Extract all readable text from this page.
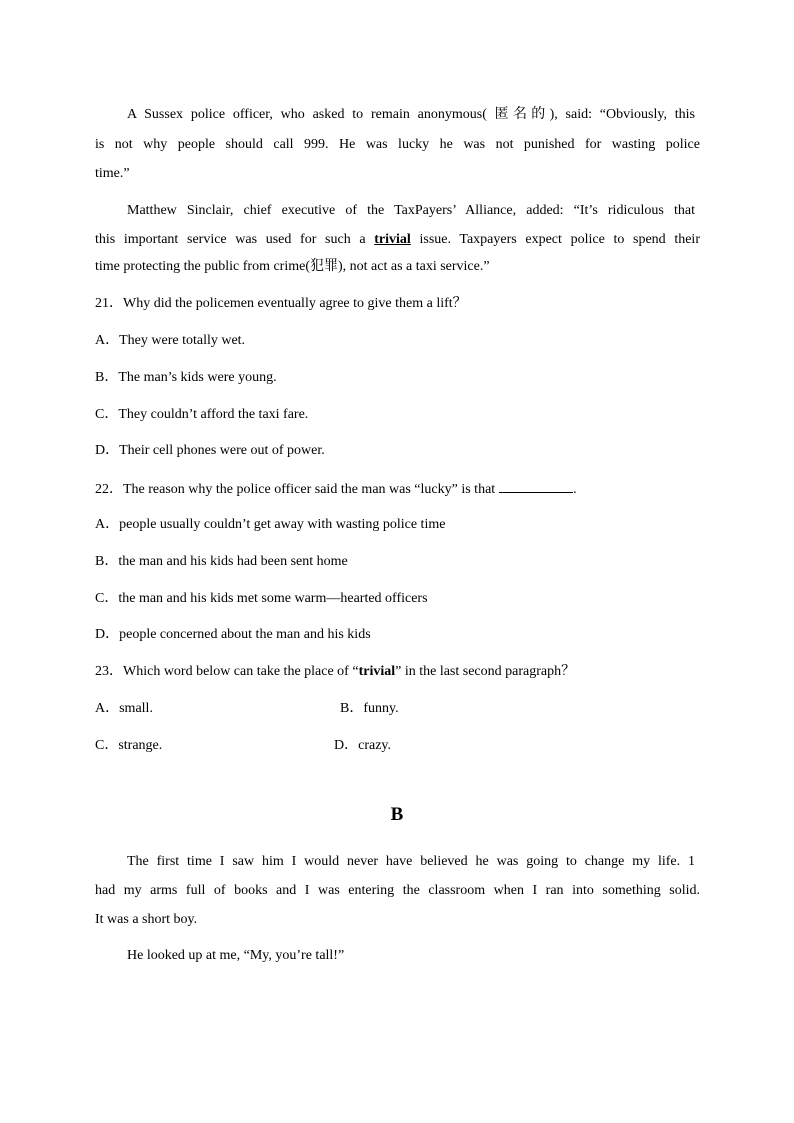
A Sussex police officer, who asked to remain anonymous( 匿名的), said: “Obviously, this
is not why people should call 999. He was lucky he was not punished for wasting police
time.”
Matthew Sinclair, chief executive of the TaxPayers’ Alliance, added: “It’s ridiculous that
this important service was used for such a trivial issue. Taxpayers expect police to spend their
time protecting the public from crime(犯罪), not act as a taxi service.”
21．Why did the policemen eventually agree to give them a lift？
A．They were totally wet.
B．The man’s kids were young.
C．They couldn’t afford the taxi fare.
D．Their cell phones were out of power.
22．The reason why the police officer said the man was “lucky” is that	.
A．people usually couldn’t get away with wasting police time
B．the man and his kids had been sent home
C．the man and his kids met some warm—hearted officers
D．people concerned about the man and his kids
23．Which word below can take the place of “trivial” in the last second paragraph？
A．small.	B．funny.
C．strange.	D．crazy.
B
The first time I saw him I would never have believed he was going to change my life. 1
had my arms full of books and I was entering the classroom when I ran into something solid.
It was a short boy.
He looked up at me, “My, you’re tall!”
